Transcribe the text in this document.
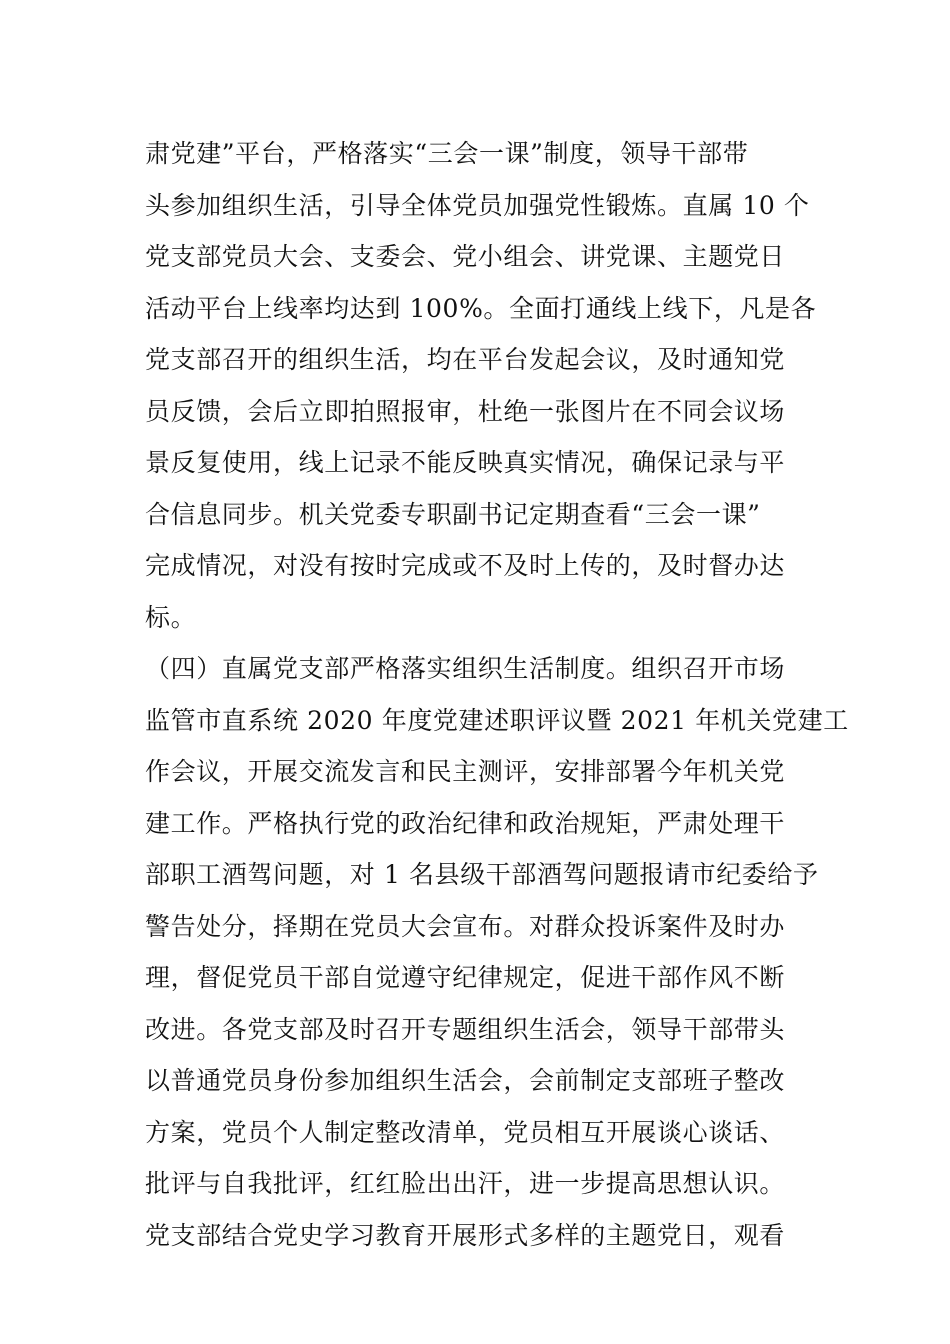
肃党建”平台，严格落实“三会一课”制度，领导干部带
头参加组织生活，引导全体党员加强党性锻炼。直属 10 个
党支部党员大会、支委会、党小组会、讲党课、主题党日
活动平台上线率均达到 100%。全面打通线上线下，凡是各
党支部召开的组织生活，均在平台发起会议，及时通知党
员反馈，会后立即拍照报审，杜绝一张图片在不同会议场
景反复使用，线上记录不能反映真实情况，确保记录与平
合信息同步。机关党委专职副书记定期查看“三会一课”
完成情况，对没有按时完成或不及时上传的，及时督办达
标。
（四）直属党支部严格落实组织生活制度。组织召开市场
监管市直系统 2020 年度党建述职评议暨 2021 年机关党建工
作会议，开展交流发言和民主测评，安排部署今年机关党
建工作。严格执行党的政治纪律和政治规矩，严肃处理干
部职工酒驾问题，对 1 名县级干部酒驾问题报请市纪委给予
警告处分，择期在党员大会宣布。对群众投诉案件及时办
理，督促党员干部自觉遵守纪律规定，促进干部作风不断
改进。各党支部及时召开专题组织生活会，领导干部带头
以普通党员身份参加组织生活会，会前制定支部班子整改
方案，党员个人制定整改清单，党员相互开展谈心谈话、
批评与自我批评，红红脸出出汗，进一步提高思想认识。
党支部结合党史学习教育开展形式多样的主题党日，观看
